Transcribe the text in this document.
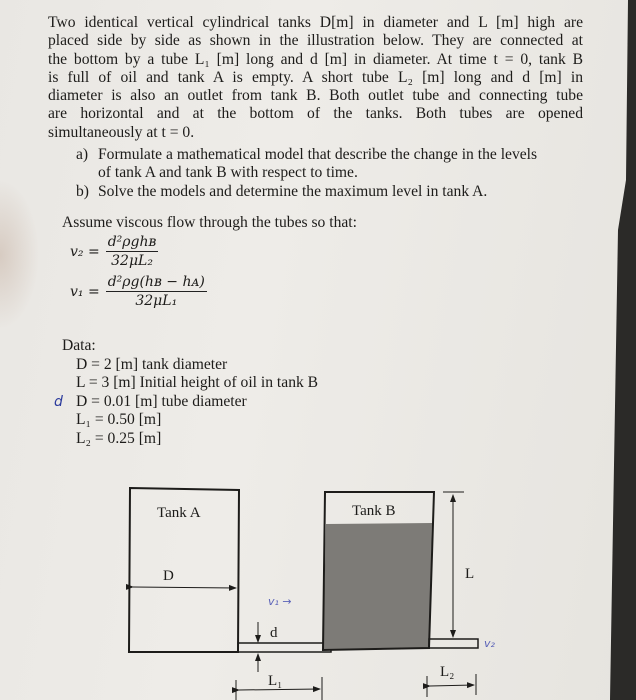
Two identical vertical cylindrical tanks D[m] in diameter and L [m] high are
placed side by side as shown in the illustration below. They are connected at
the bottom by a tube L₁ [m] long and d [m] in diameter. At time t = 0, tank B
is full of oil and tank A is empty. A short tube L₂ [m] long and d [m] in
diameter is also an outlet from tank B. Both outlet tube and connecting tube
are horizontal and at the bottom of the tanks. Both tubes are opened
simultaneously at t = 0.
a) Formulate a mathematical model that describe the change in the levels of tank A and tank B with respect to time.
b) Solve the models and determine the maximum level in tank A.
Assume viscous flow through the tubes so that:
$v_2 = \frac{\text{d²ρghʙ}}{\text{32μL₂}}$
$v_1 = \frac{\text{d²ρg(hʙ − hᴀ)}}{\text{32μL₁}}$
Data:
D = 2 [m] tank diameter
L = 3 [m] Initial height of oil in tank B
d D = 0.01 [m] tube diameter
L₁ = 0.50 [m]
L₂ = 0.25 [m]
Tank A
D
d
v₁ →
L₁
Tank B
v₂
L
L₂
